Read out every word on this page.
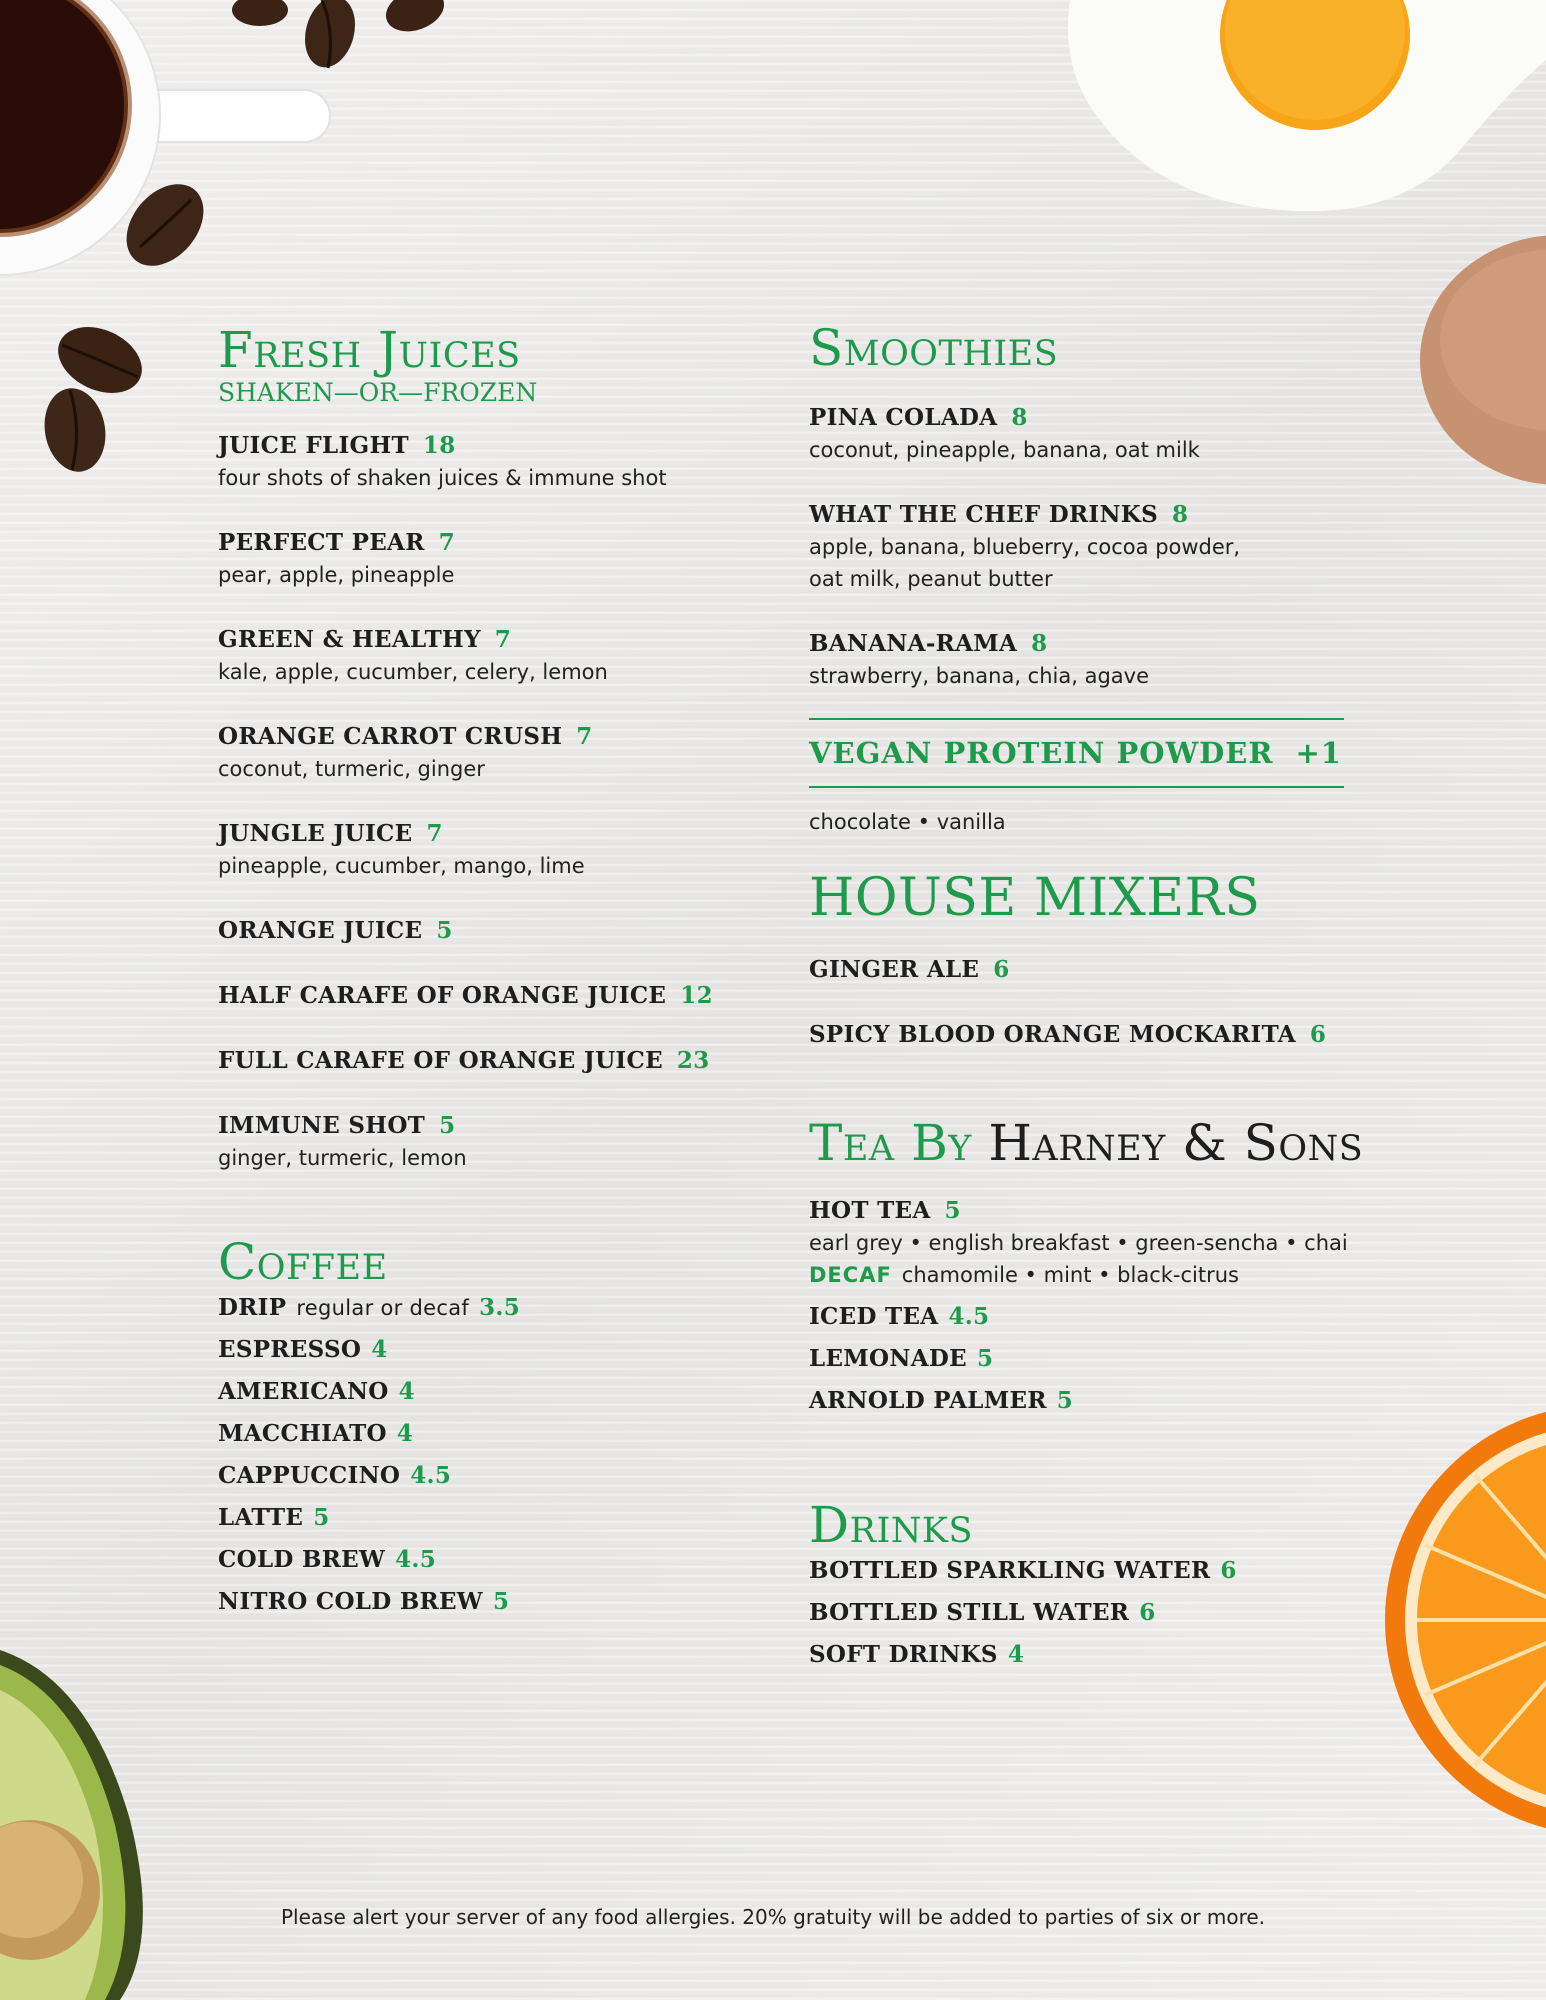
Fresh Juices
SHAKEN—OR—FROZEN
JUICE FLIGHT 18
four shots of shaken juices & immune shot
PERFECT PEAR 7
pear, apple, pineapple
GREEN & HEALTHY 7
kale, apple, cucumber, celery, lemon
ORANGE CARROT CRUSH 7
coconut, turmeric, ginger
JUNGLE JUICE 7
pineapple, cucumber, mango, lime
ORANGE JUICE 5
HALF CARAFE OF ORANGE JUICE 12
FULL CARAFE OF ORANGE JUICE 23
IMMUNE SHOT 5
ginger, turmeric, lemon
Coffee
DRIP regular or decaf 3.5
ESPRESSO 4
AMERICANO 4
MACCHIATO 4
CAPPUCCINO 4.5
LATTE 5
COLD BREW 4.5
NITRO COLD BREW 5
Smoothies
PINA COLADA 8
coconut, pineapple, banana, oat milk
WHAT THE CHEF DRINKS 8
apple, banana, blueberry, cocoa powder,
oat milk, peanut butter
BANANA-RAMA 8
strawberry, banana, chia, agave
VEGAN PROTEIN POWDER +1
chocolate • vanilla
HOUSE MIXERS
GINGER ALE 6
SPICY BLOOD ORANGE MOCKARITA 6
Tea By Harney & Sons
HOT TEA 5
earl grey • english breakfast • green-sencha • chai
DECAF chamomile • mint • black-citrus
ICED TEA 4.5
LEMONADE 5
ARNOLD PALMER 5
Drinks
BOTTLED SPARKLING WATER 6
BOTTLED STILL WATER 6
SOFT DRINKS 4
Please alert your server of any food allergies. 20% gratuity will be added to parties of six or more.
